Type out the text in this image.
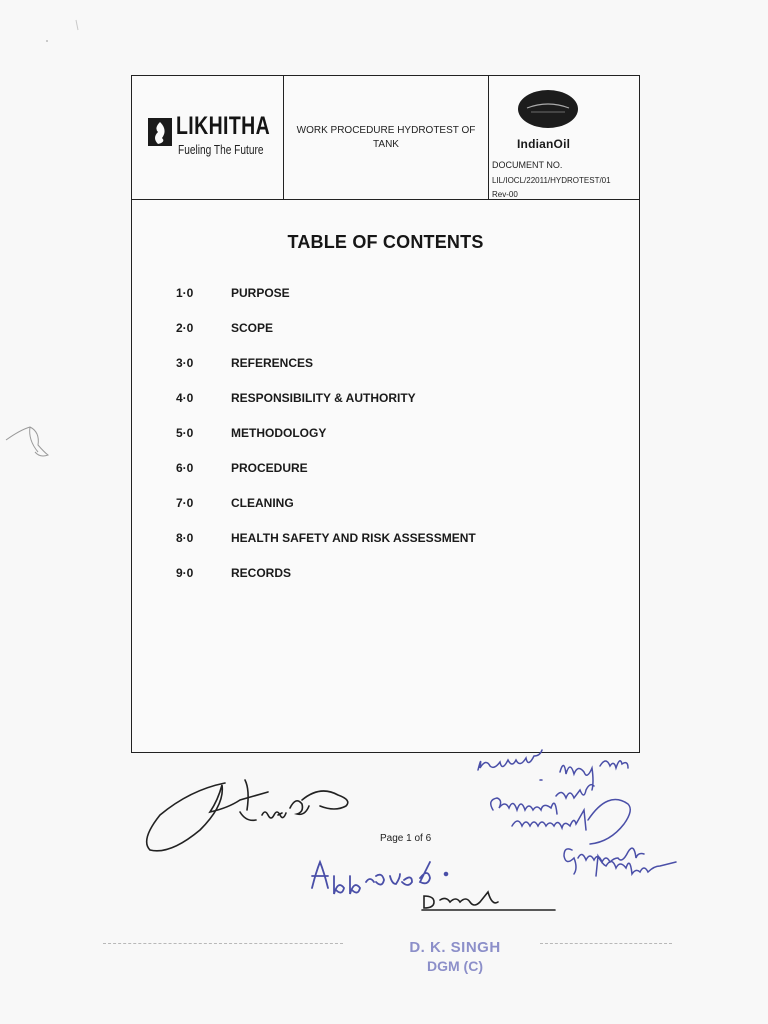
LIKHITHA
Fueling The Future
WORK PROCEDURE HYDROTEST OF TANK	IndianOil
DOCUMENT NO.
LIL/IOCL/22011/HYDROTEST/01
Rev-00
TABLE OF CONTENTS
1·0	PURPOSE
2·0	SCOPE
3·0	REFERENCES
4·0	RESPONSIBILITY & AUTHORITY
5·0	METHODOLOGY
6·0	PROCEDURE
7·0	CLEANING
8·0	HEALTH SAFETY AND RISK ASSESSMENT
9·0	RECORDS
Page 1 of 6
D. K. SINGH
DGM (C)
